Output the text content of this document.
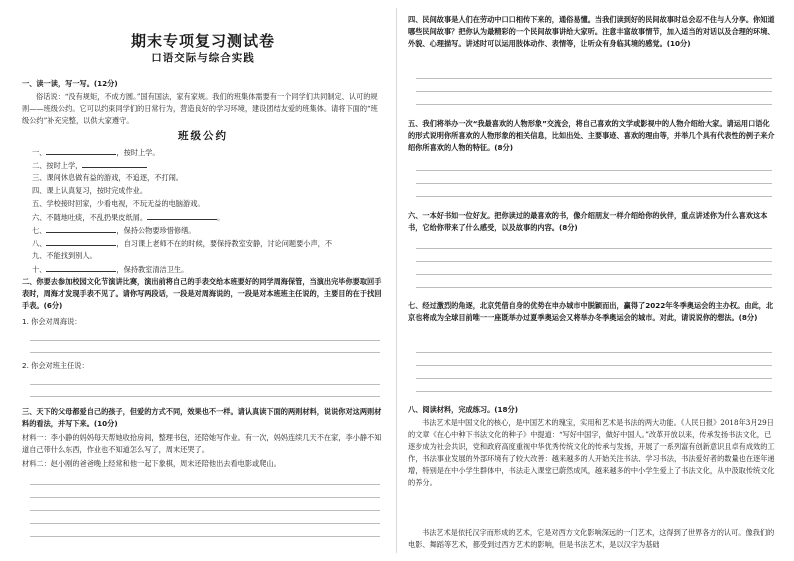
期末专项复习测试卷
口语交际与综合实践
一、读一读，写一写。(12分)
俗话说：“没有规矩，不成方圆。”国有国法，家有家规。我们的班集体需要有一个同学们共同制定、认可的规则——班级公约。它可以约束同学们的日常行为，营造良好的学习环境，建设团结友爱的班集体。请将下面的“班级公约”补充完整，以供大家遵守。
班级公约
一、	，按时上学。
二、按时上学，
三、课间休息做有益的游戏，不追逐，不打闹。
四、课上认真复习，按时完成作业。
五、学校接时回家，少看电视，不玩无益的电脑游戏。
六、不随地吐痰，不乱扔果皮纸屑。	。
七、	，保持公物要珍惜修缮。
八、	，自习课上老师不在的时候，要保持教室安静，讨论问题要小声，不
九、不能找到别人。
十、	，保持教室清洁卫生。
二、你要去参加校园文化节演讲比赛，演出前将自己的手表交给本班要好的同学周海保管，当演出完毕你要取回手表时，周海才发现手表不见了。请你写两段话，一段是对周海说的，一段是对本班班主任说的，主要目的在于找回手表。(6分)
1. 你会对周海说：
2. 你会对班主任说：
三、天下的父母都爱自己的孩子，但爱的方式不同，效果也不一样。请认真读下面的两则材料，说说你对这两则材料的看法，并写下来。(10分)
材料一：李小静的妈妈每天帮她收拾房间，整理书包，还陪她写作业。有一次，妈妈连续几天不在家，李小静不知道自己带什么东西，作业也不知道怎么写了，周末还哭了。
材料二：赵小刚的爸爸晚上经常和他一起下象棋，周末还陪他出去看电影或爬山。
四、民间故事是人们在劳动中口口相传下来的，通俗易懂。当我们读到好的民间故事时总会忍不住与人分享。你知道哪些民间故事？把你认为最精彩的一个民间故事讲给大家听。注意丰富故事情节，加入适当的对话以及合理的环境、外貌、心理描写。讲述时可以运用肢体动作、表情等，让听众有身临其境的感觉。(10分)
五、我们将举办一次“我最喜欢的人物形象”交流会，将自己喜欢的文学或影视中的人物介绍给大家。请运用口语化的形式说明你所喜欢的人物形象的相关信息，比如出处、主要事迹、喜欢的理由等，并举几个具有代表性的例子来介绍你所喜欢的人物的特征。(8分)
六、一本好书如一位好友。把你读过的最喜欢的书，像介绍朋友一样介绍给你的伙伴，重点讲述你为什么喜欢这本书，它给你带来了什么感受，以及故事的内容。(8分)
七、经过激烈的角逐，北京凭借自身的优势在申办城市中脱颖而出，赢得了2022年冬季奥运会的主办权。由此，北京也将成为全球目前唯一一座既举办过夏季奥运会又将举办冬季奥运会的城市。对此，请说说你的想法。(8分)
八、阅读材料，完成练习。(18分)
书法艺术是中国文化的核心，是中国艺术的瑰宝，实用和艺术是书法的两大功能。《人民日报》2018年3月29日的文章《在心中种下书法文化的种子》中提道：“写好中国字，做好中国人。”改革开放以来，传承发扬书法文化，已逐步成为社会共识，党和政府高度重视中华优秀传统文化的传承与发扬，开展了一系列富有创新意识且卓有成效的工作，书法事业发展的外部环境有了较大改善：越来越多的人开始关注书法、学习书法，书法爱好者的数量也在逐年递增，特别是在中小学生群体中，书法走入课堂已蔚然成风，越来越多的中小学生爱上了书法文化，从中汲取传统文化的养分。
书法艺术是依托汉字而形成的艺术，它是对西方文化影响深远的一门艺术，这得到了世界各方的认可。像我们的电影、舞蹈等艺术，都受到过西方艺术的影响，但是书法艺术，是以汉字为基础
